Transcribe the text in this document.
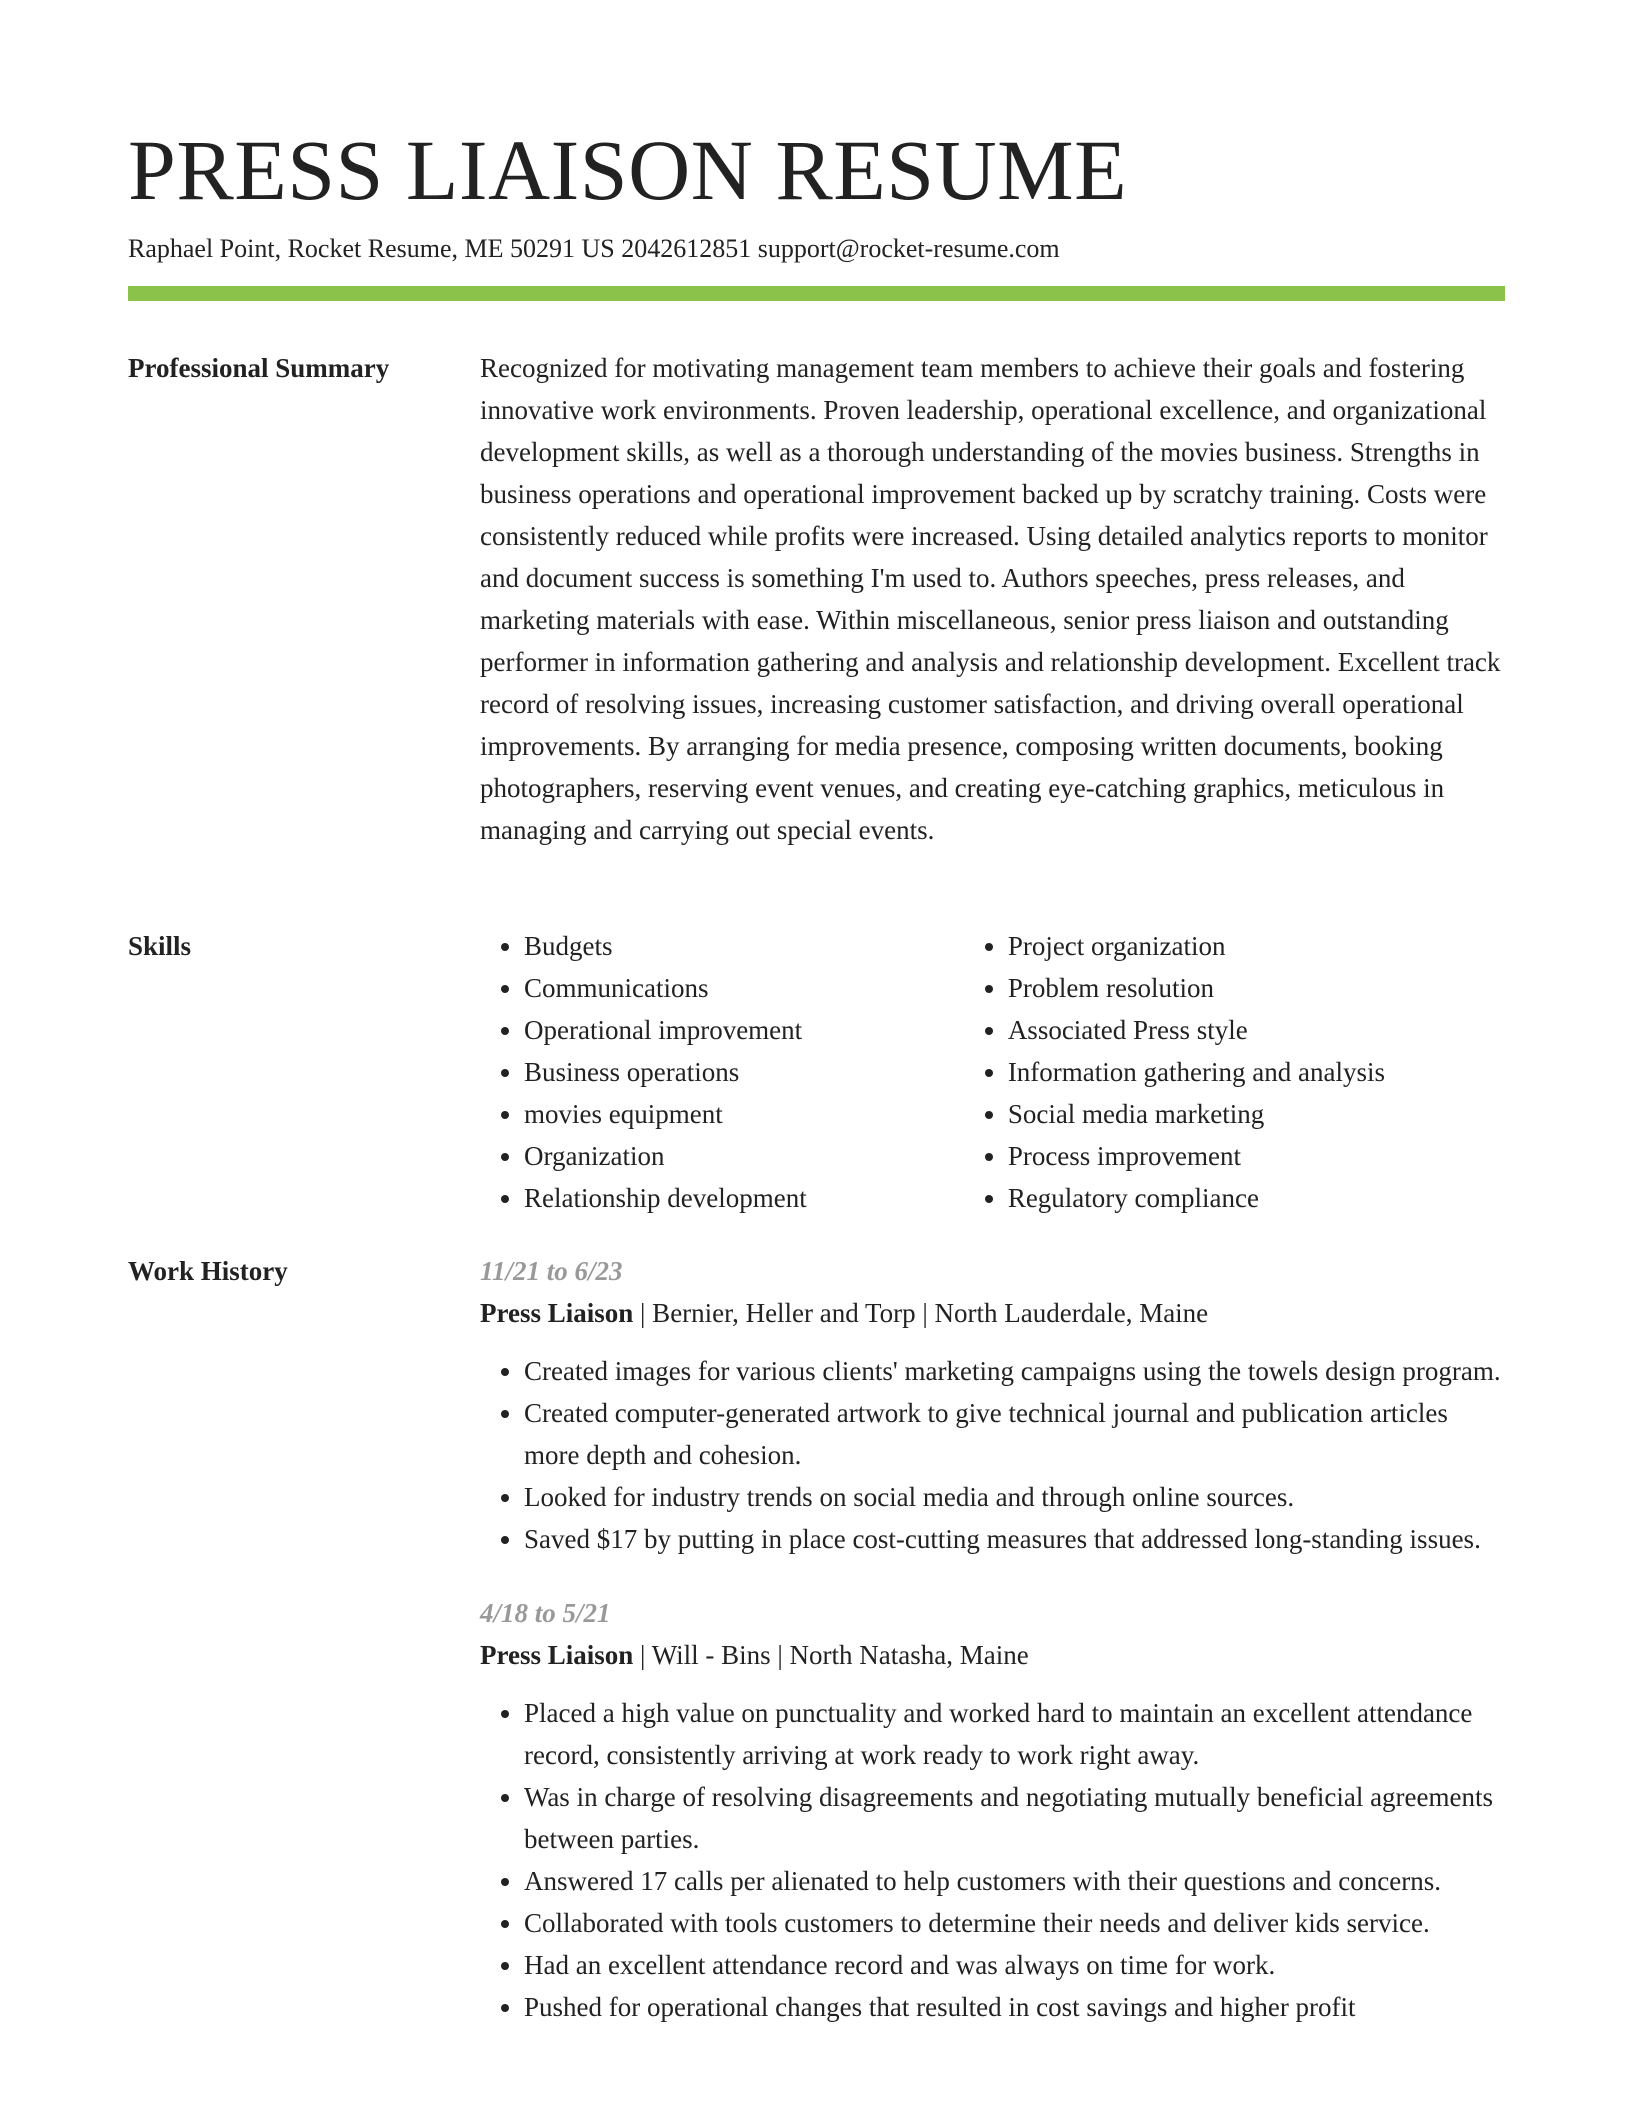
PRESS LIAISON RESUME
Raphael Point, Rocket Resume, ME 50291 US 2042612851 support@rocket-resume.com
Professional Summary	Recognized for motivating management team members to achieve their goals and fostering innovative work environments. Proven leadership, operational excellence, and organizational development skills, as well as a thorough understanding of the movies business. Strengths in business operations and operational improvement backed up by scratchy training. Costs were consistently reduced while profits were increased. Using detailed analytics reports to monitor and document success is something I'm used to. Authors speeches, press releases, and marketing materials with ease. Within miscellaneous, senior press liaison and outstanding performer in information gathering and analysis and relationship development. Excellent track record of resolving issues, increasing customer satisfaction, and driving overall operational improvements. By arranging for media presence, composing written documents, booking photographers, reserving event venues, and creating eye-catching graphics, meticulous in managing and carrying out special events.

Skills
•	Budgets
• Communications
• Operational improvement
• Business operations
• movies equipment
• Organization
• Relationship development
• Project organization
• Problem resolution
• Associated Press style
• Information gathering and analysis
• Social media marketing
• Process improvement
• Regulatory compliance
Work History	11/21 to 6/23
Press Liaison | Bernier, Heller and Torp | North Lauderdale, Maine
• Created images for various clients' marketing campaigns using the towels design program.
• Created computer-generated artwork to give technical journal and publication articles more depth and cohesion.
• Looked for industry trends on social media and through online sources.
• Saved $17 by putting in place cost-cutting measures that addressed long-standing issues.
4/18 to 5/21
Press Liaison | Will - Bins | North Natasha, Maine
• Placed a high value on punctuality and worked hard to maintain an excellent attendance record, consistently arriving at work ready to work right away.
• Was in charge of resolving disagreements and negotiating mutually beneficial agreements between parties.
• Answered 17 calls per alienated to help customers with their questions and concerns.
• Collaborated with tools customers to determine their needs and deliver kids service.
• Had an excellent attendance record and was always on time for work.
• Pushed for operational changes that resulted in cost savings and higher profit
